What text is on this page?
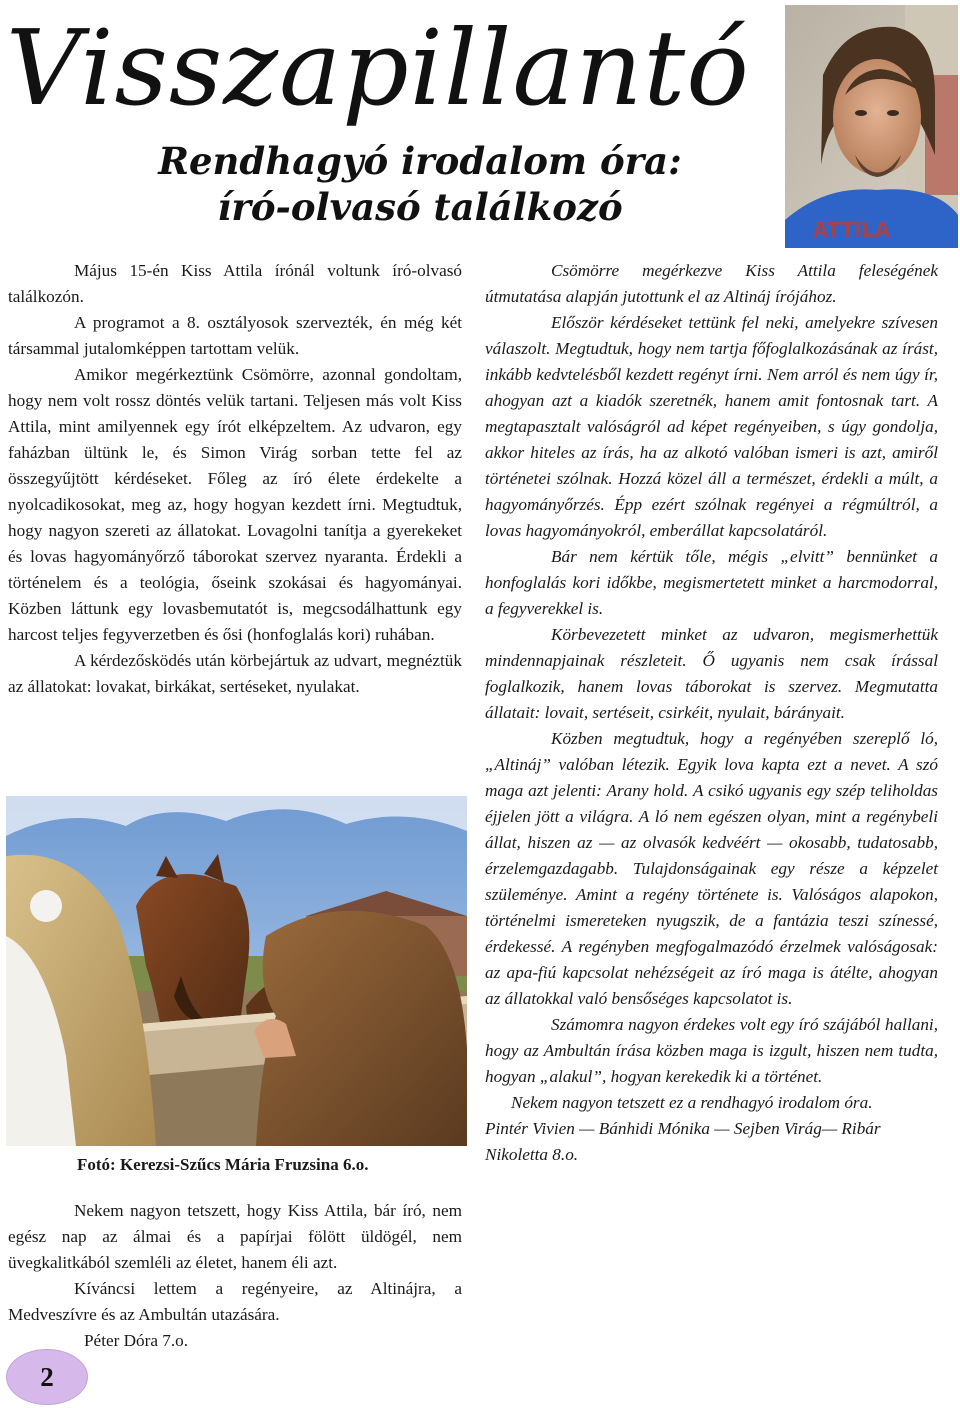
Visszapillantó
Rendhagyó irodalom óra:
író-olvasó találkozó
ATTILA

Május 15-én Kiss Attila írónál voltunk író-olvasó találkozón.

A programot a 8. osztályosok szervezték, én még két társammal jutalomképpen tartottam velük.

Amikor megérkeztünk Csömörre, azonnal gondoltam, hogy nem volt rossz döntés velük tartani. Teljesen más volt Kiss Attila, mint amilyennek egy írót elképzeltem. Az udvaron, egy faházban ültünk le, és Simon Virág sorban tette fel az összegyűjtött kérdéseket. Főleg az író élete érdekelte a nyolcadikosokat, meg az, hogy hogyan kezdett írni. Megtudtuk, hogy nagyon szereti az állatokat. Lovagolni tanítja a gyerekeket és lovas hagyományőrző táborokat szervez nyaranta. Érdekli a történelem és a teológia, őseink szokásai és hagyományai. Közben láttunk egy lovasbemutatót is, megcsodálhattunk egy harcost teljes fegyverzetben és ősi (honfoglalás kori) ruhában.

A kérdezősködés után körbejártuk az udvart, megnéztük az állatokat: lovakat, birkákat, sertéseket, nyulakat.

Fotó: Kerezsi-Szűcs Mária Fruzsina 6.o.

Nekem nagyon tetszett, hogy Kiss Attila, bár író, nem egész nap az álmai és a papírjai fölött üldögél, nem üvegkalitkából szemléli az életet, hanem éli azt.

Kíváncsi lettem a regényeire, az Altinájra, a Medveszívre és az Ambultán utazására.

Péter Dóra 7.o.

Csömörre megérkezve Kiss Attila feleségének útmutatása alapján jutottunk el az Altináj írójához.

Először kérdéseket tettünk fel neki, amelyekre szívesen válaszolt. Megtudtuk, hogy nem tartja főfoglalkozásának az írást, inkább kedvtelésből kezdett regényt írni. Nem arról és nem úgy ír, ahogyan azt a kiadók szeretnék, hanem amit fontosnak tart. A megtapasztalt valóságról ad képet regényeiben, s úgy gondolja, akkor hiteles az írás, ha az alkotó valóban ismeri is azt, amiről történetei szólnak. Hozzá közel áll a természet, érdekli a múlt, a hagyományőrzés. Épp ezért szólnak regényei a régmúltról, a lovas hagyományokról, emberállat kapcsolatáról.

Bár nem kértük tőle, mégis „elvitt” bennünket a honfoglalás kori időkbe, megismertetett minket a harcmodorral, a fegyverekkel is.

Körbevezetett minket az udvaron, megismerhettük mindennapjainak részleteit. Ő ugyanis nem csak írással foglalkozik, hanem lovas táborokat is szervez. Megmutatta állatait: lovait, sertéseit, csirkéit, nyulait, bárányait.

Közben megtudtuk, hogy a regényében szereplő ló, „Altináj” valóban létezik. Egyik lova kapta ezt a nevet. A szó maga azt jelenti: Arany hold. A csikó ugyanis egy szép teliholdas éjjelen jött a világra. A ló nem egészen olyan, mint a regénybeli állat, hiszen az — az olvasók kedvéért — okosabb, tudatosabb, érzelemgazdagabb. Tulajdonságainak egy része a képzelet szüleménye. Amint a regény története is. Valóságos alapokon, történelmi ismereteken nyugszik, de a fantázia teszi színessé, érdekessé. A regényben megfogalmazódó érzelmek valóságosak: az apa-fiú kapcsolat nehézségeit az író maga is átélte, ahogyan az állatokkal való bensőséges kapcsolatot is.

Számomra nagyon érdekes volt egy író szájából hallani, hogy az Ambultán írása közben maga is izgult, hiszen nem tudta, hogyan „alakul”, hogyan kerekedik ki a történet.

Nekem nagyon tetszett ez a rendhagyó irodalom óra.

Pintér Vivien — Bánhidi Mónika — Sejben Virág— Ribár Nikoletta 8.o.

2
